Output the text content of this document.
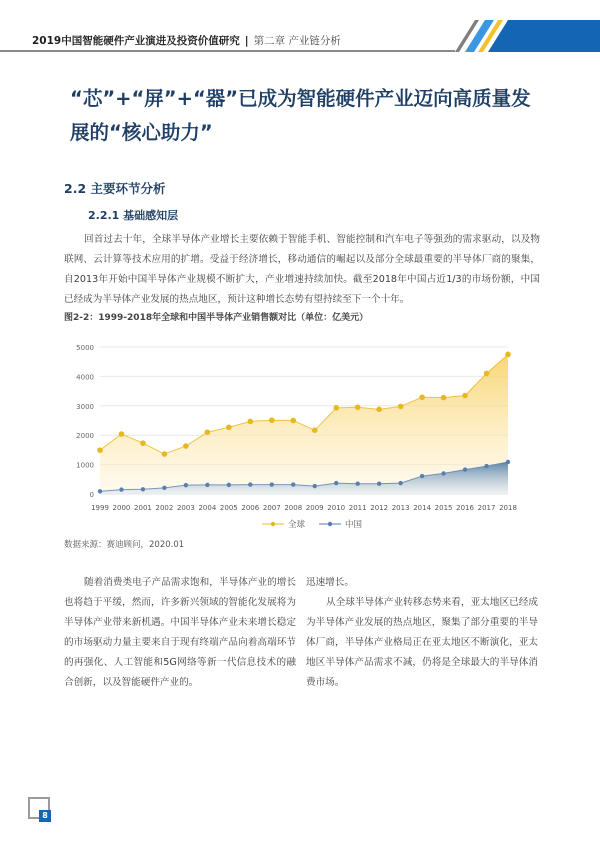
2019中国智能硬件产业演进及投资价值研究 | 第二章 产业链分析
“芯”+“屏”+“器”已成为智能硬件产业迈向高质量发展的“核心助力”
2.2 主要环节分析
2.2.1 基础感知层
回首过去十年，全球半导体产业增长主要依赖于智能手机、智能控制和汽车电子等强劲的需求驱动，以及物联网、云计算等技术应用的扩增。受益于经济增长，移动通信的崛起以及部分全球最重要的半导体厂商的聚集，自2013年开始中国半导体产业规模不断扩大，产业增速持续加快。截至2018年中国占近1/3的市场份额，中国已经成为半导体产业发展的热点地区，预计这种增长态势有望持续至下一个十年。
图2-2：1999-2018年全球和中国半导体产业销售额对比（单位：亿美元）
0
1000
2000
3000
4000
5000
1999 2000 2001 2002 2003 2004 2005 2006 2007 2008 2009 2010 2011 2012 2013 2014 2015 2016 2017 2018
全球	中国
数据来源：赛迪顾问，2020.01
随着消费类电子产品需求饱和，半导体产业的增长也将趋于平缓，然而，许多新兴领域的智能化发展将为半导体产业带来新机遇。中国半导体产业未来增长稳定的市场驱动力量主要来自于现有终端产品向着高端环节的再强化、人工智能和5G网络等新一代信息技术的融合创新，以及智能硬件产业的。
迅速增长。
从全球半导体产业转移态势来看，亚太地区已经成为半导体产业发展的热点地区，聚集了部分重要的半导体厂商，半导体产业格局正在亚太地区不断演化，亚太地区半导体产品需求不减，仍将是全球最大的半导体消费市场。
8
